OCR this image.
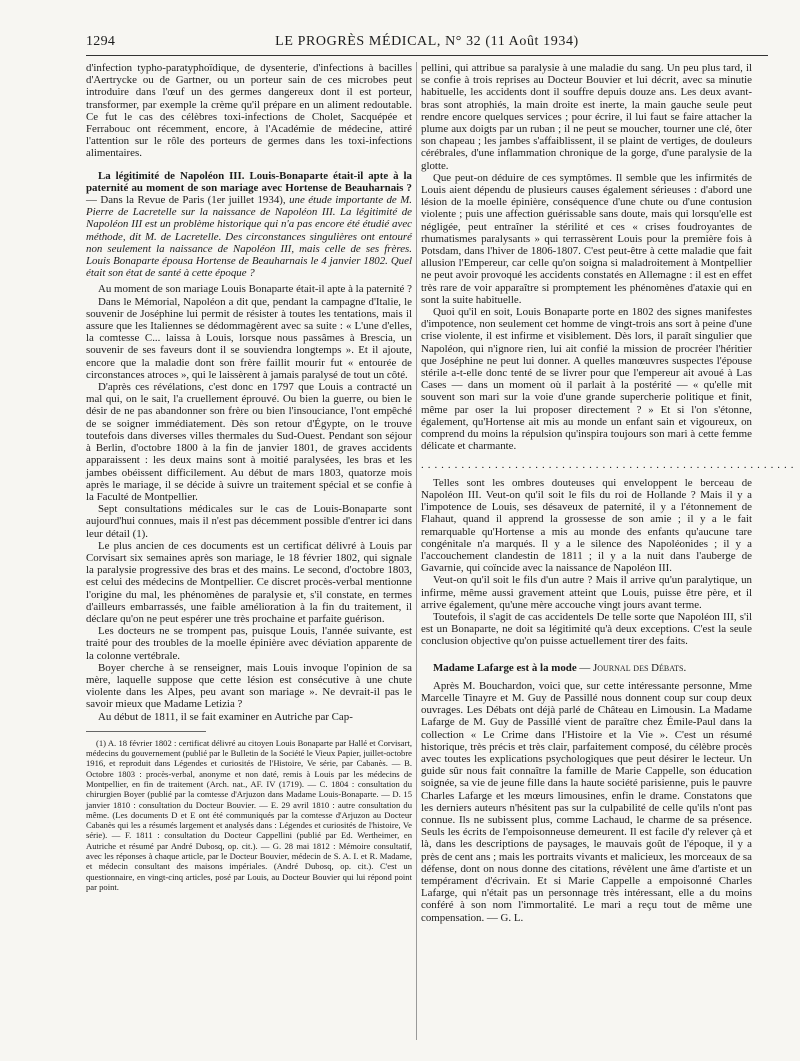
1294	LE PROGRÈS MÉDICAL, N° 32 (11 Août 1934)

d'infection typho-paratyphoïdique, de dysenterie, d'infections à bacilles d'Aertrycke ou de Gartner, ou un porteur sain de ces microbes peut introduire dans l'œuf un des germes dangereux dont il est porteur, transformer, par exemple la crème qu'il prépare en un aliment redoutable. Ce fut le cas des célèbres toxi-infections de Cholet, Sacquépée et Ferrabouc ont récemment, encore, à l'Académie de médecine, attiré l'attention sur le rôle des porteurs de germes dans les toxi-infections alimentaires.

La légitimité de Napoléon III. Louis-Bonaparte était-il apte à la paternité au moment de son mariage avec Hortense de Beauharnais ? — Dans la Revue de Paris (1er juillet 1934), une étude importante de M. Pierre de Lacretelle sur la naissance de Napoléon III. La légitimité de Napoléon III est un problème historique qui n'a pas encore été étudié avec méthode, dit M. de Lacretelle. Des circonstances singulières ont entouré non seulement la naissance de Napoléon III, mais celle de ses frères. Louis Bonaparte épousa Hortense de Beauharnais le 4 janvier 1802. Quel était son état de santé à cette époque ?

Au moment de son mariage Louis Bonaparte était-il apte à la paternité ?

Dans le Mémorial, Napoléon a dit que, pendant la campagne d'Italie, le souvenir de Joséphine lui permit de résister à toutes les tentations, mais il assure que les Italiennes se dédommagèrent avec sa suite : « L'une d'elles, la comtesse C... laissa à Louis, lorsque nous passâmes à Brescia, un souvenir de ses faveurs dont il se souviendra longtemps ». Et il ajoute, encore que la maladie dont son frère faillit mourir fut « entourée de circonstances atroces », qui le laissèrent à jamais paralysé de tout un côté.

D'après ces révélations, c'est donc en 1797 que Louis a contracté un mal qui, on le sait, l'a cruellement éprouvé. Ou bien la guerre, ou bien le désir de ne pas abandonner son frère ou bien l'insouciance, l'ont empêché de se soigner immédiatement. Dès son retour d'Égypte, on le trouve toutefois dans diverses villes thermales du Sud-Ouest. Pendant son séjour à Berlin, d'octobre 1800 à la fin de janvier 1801, de graves accidents apparaissent : les deux mains sont à moitié paralysées, les bras et les jambes obéissent difficilement. Au début de mars 1803, quatorze mois après le mariage, il se décide à suivre un traitement spécial et se confie à la Faculté de Montpellier.

Sept consultations médicales sur le cas de Louis-Bonaparte sont aujourd'hui connues, mais il n'est pas décemment possible d'entrer ici dans leur détail (1).

Le plus ancien de ces documents est un certificat délivré à Louis par Corvisart six semaines après son mariage, le 18 février 1802, qui signale la paralysie progressive des bras et des mains. Le second, d'octobre 1803, est celui des médecins de Montpellier. Ce discret procès-verbal mentionne l'origine du mal, les phénomènes de paralysie et, s'il constate, en termes d'ailleurs embarrassés, une faible amélioration à la fin du traitement, il déclare qu'on ne peut espérer une très prochaine et parfaite guérison.

Les docteurs ne se trompent pas, puisque Louis, l'année suivante, est traité pour des troubles de la moelle épinière avec déviation apparente de la colonne vertébrale.

Boyer cherche à se renseigner, mais Louis invoque l'opinion de sa mère, laquelle suppose que cette lésion est consécutive à une chute violente dans les Alpes, peu avant son mariage ». Ne devrait-il pas le savoir mieux que Madame Letizia ?

Au début de 1811, il se fait examiner en Autriche par Cap-

(1) A. 18 février 1802 : certificat délivré au citoyen Louis Bonaparte par Hallé et Corvisart, médecins du gouvernement (publié par le Bulletin de la Société le Vieux Papier, juillet-octobre 1916, et reproduit dans Légendes et curiosités de l'Histoire, Ve série, par Cabanès. — B. Octobre 1803 : procès-verbal, anonyme et non daté, remis à Louis par les médecins de Montpellier, en fin de traitement (Arch. nat., AF. IV (1719). — C. 1804 : consultation du chirurgien Boyer (publié par la comtesse d'Arjuzon dans Madame Louis-Bonaparte. — D. 15 janvier 1810 : consultation du Docteur Bouvier. — E. 29 avril 1810 : autre consultation du même. (Les documents D et E ont été communiqués par la comtesse d'Arjuzon au Docteur Cabanès qui les a résumés largement et analysés dans : Légendes et curiosités de l'histoire, Ve série). — F. 1811 : consultation du Docteur Cappellini (publié par Ed. Wertheimer, en Autriche et résumé par André Dubosq, op. cit.). — G. 28 mai 1812 : Mémoire consultatif, avec les réponses à chaque article, par le Docteur Bouvier, médecin de S. A. I. et R. Madame, et médecin consultant des maisons impériales. (André Dubosq, op. cit.). C'est un questionnaire, en vingt-cinq articles, posé par Louis, au Docteur Bouvier qui lui répond point par point.

pellini, qui attribue sa paralysie à une maladie du sang. Un peu plus tard, il se confie à trois reprises au Docteur Bouvier et lui décrit, avec sa minutie habituelle, les accidents dont il souffre depuis douze ans. Les deux avant-bras sont atrophiés, la main droite est inerte, la main gauche seule peut rendre encore quelques services ; pour écrire, il lui faut se faire attacher la plume aux doigts par un ruban ; il ne peut se moucher, tourner une clé, ôter son chapeau ; les jambes s'affaiblissent, il se plaint de vertiges, de douleurs cérébrales, d'une inflammation chronique de la gorge, d'une paralysie de la glotte.

Que peut-on déduire de ces symptômes. Il semble que les infirmités de Louis aient dépendu de plusieurs causes également sérieuses : d'abord une lésion de la moelle épinière, conséquence d'une chute ou d'une contusion violente ; puis une affection guérissable sans doute, mais qui lorsqu'elle est négligée, peut entraîner la stérilité et ces « crises foudroyantes de rhumatismes paralysants » qui terrassèrent Louis pour la première fois à Potsdam, dans l'hiver de 1806-1807. C'est peut-être à cette maladie que fait allusion l'Empereur, car celle qu'on soigna si maladroitement à Montpellier ne peut avoir provoqué les accidents constatés en Allemagne : il est en effet très rare de voir apparaître si promptement les phénomènes d'ataxie qui en sont la suite habituelle.

Quoi qu'il en soit, Louis Bonaparte porte en 1802 des signes manifestes d'impotence, non seulement cet homme de vingt-trois ans sort à peine d'une crise violente, il est infirme et visiblement. Dès lors, il paraît singulier que Napoléon, qui n'ignore rien, lui ait confié la mission de procréer l'héritier que Joséphine ne peut lui donner. A quelles manœuvres suspectes l'épouse stérile a-t-elle donc tenté de se livrer pour que l'empereur ait avoué à Las Cases — dans un moment où il parlait à la postérité — « qu'elle mit souvent son mari sur la voie d'une grande supercherie politique et finit, même par oser la lui proposer directement ? » Et si l'on s'étonne, également, qu'Hortense ait mis au monde un enfant sain et vigoureux, on comprend du moins la répulsion qu'inspira toujours son mari à cette femme délicate et charmante.

........................................................

Telles sont les ombres douteuses qui enveloppent le berceau de Napoléon III. Veut-on qu'il soit le fils du roi de Hollande ? Mais il y a l'impotence de Louis, ses désaveux de paternité, il y a l'étonnement de Flahaut, quand il apprend la grossesse de son amie ; il y a le fait remarquable qu'Hortense a mis au monde des enfants qu'aucune tare congénitale n'a marqués. Il y a le silence des Napoléonides ; il y a l'accouchement clandestin de 1811 ; il y a la nuit dans l'auberge de Gavarnie, qui coïncide avec la naissance de Napoléon III.

Veut-on qu'il soit le fils d'un autre ? Mais il arrive qu'un paralytique, un infirme, même aussi gravement atteint que Louis, puisse être père, et il arrive également, qu'une mère accouche vingt jours avant terme.

Toutefois, il s'agit de cas accidentels De telle sorte que Napoléon III, s'il est un Bonaparte, ne doit sa légitimité qu'à deux exceptions. C'est la seule conclusion objective qu'on puisse actuellement tirer des faits.

Madame Lafarge est à la mode — Journal des Débats.

Après M. Bouchardon, voici que, sur cette intéressante personne, Mme Marcelle Tinayre et M. Guy de Passillé nous donnent coup sur coup deux ouvrages. Les Débats ont déjà parlé de Château en Limousin. La Madame Lafarge de M. Guy de Passillé vient de paraître chez Émile-Paul dans la collection « Le Crime dans l'Histoire et la Vie ». C'est un résumé historique, très précis et très clair, parfaitement composé, du célèbre procès avec toutes les explications psychologiques que peut désirer le lecteur. Un guide sûr nous fait connaître la famille de Marie Cappelle, son éducation soignée, sa vie de jeune fille dans la haute société parisienne, puis le pauvre Charles Lafarge et les mœurs limousines, enfin le drame. Constatons que les derniers auteurs n'hésitent pas sur la culpabilité de celle qu'ils n'ont pas connue. Ils ne subissent plus, comme Lachaud, le charme de sa présence. Seuls les écrits de l'empoisonneuse demeurent. Il est facile d'y relever çà et là, dans les descriptions de paysages, le mauvais goût de l'époque, il y a près de cent ans ; mais les portraits vivants et malicieux, les morceaux de sa défense, dont on nous donne des citations, révèlent une âme d'artiste et un tempérament d'écrivain. Et si Marie Cappelle a empoisonné Charles Lafarge, qui n'était pas un personnage très intéressant, elle a du moins conféré à son nom l'immortalité. Le mari a reçu tout de même une compensation. — G. L.
